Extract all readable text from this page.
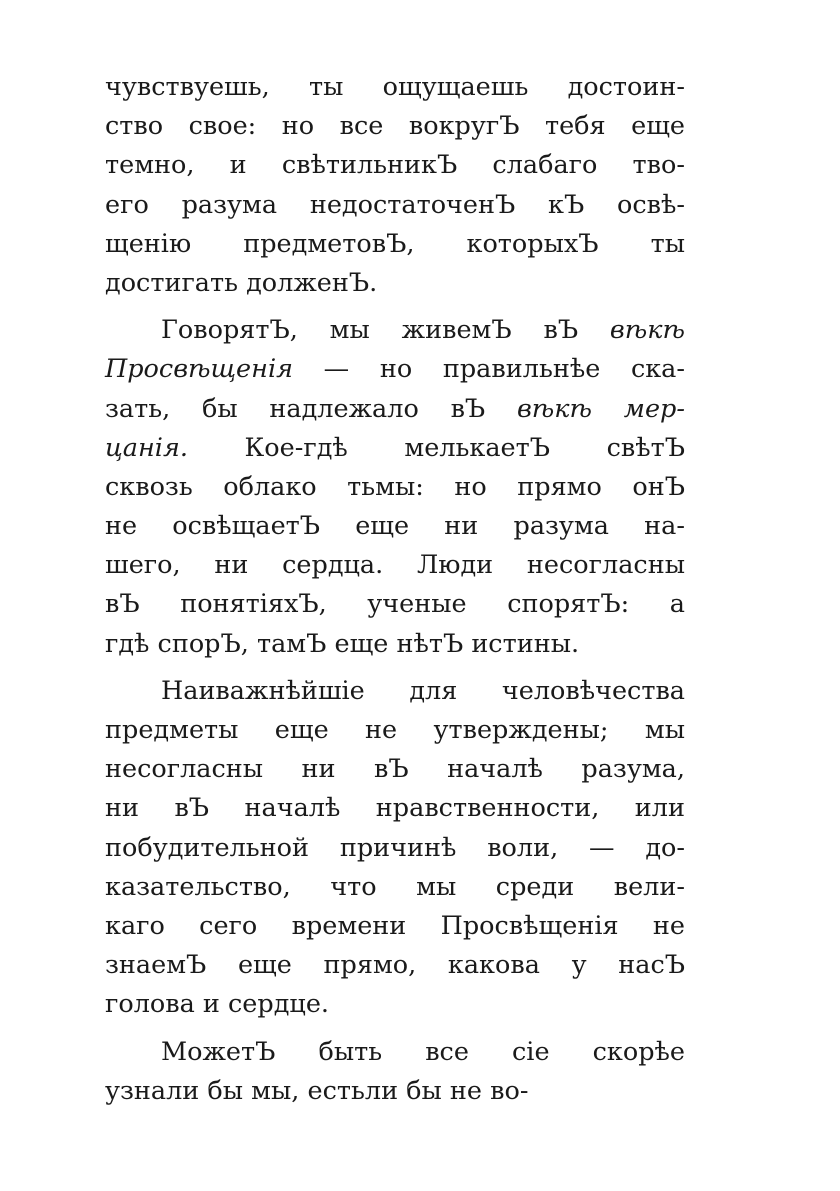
чувствуешь, ты ощущаешь достоин-
ство свое: но все вокругЪ тебя еще
темно, и свѣтильникЪ слабаго тво-
его разума недостаточенЪ кЪ освѣ-
щенію предметовЪ, которыхЪ ты
достигать долженЪ.
ГоворятЪ, мы живемЪ вЪ вѣкѣ
Просвѣщенія — но правильнѣе ска-
зать, бы надлежало вЪ вѣкѣ мер-
цанія. Кое-гдѣ мелькаетЪ свѣтЪ
сквозь облако тьмы: но прямо онЪ
не освѣщаетЪ еще ни разума на-
шего, ни сердца. Люди несогласны
вЪ понятіяхЪ, ученые спорятЪ: а
гдѣ спорЪ, тамЪ еще нѣтЪ истины.
Наиважнѣйшіе для человѣчества
предметы еще не утверждены; мы
несогласны ни вЪ началѣ разума,
ни вЪ началѣ нравственности, или
побудительной причинѣ воли, — до-
казательство, что мы среди вели-
каго сего времени Просвѣщенія не
знаемЪ еще прямо, какова у насЪ
голова и сердце.
МожетЪ быть все сіе скорѣе
узнали бы мы, естьли бы не во-
